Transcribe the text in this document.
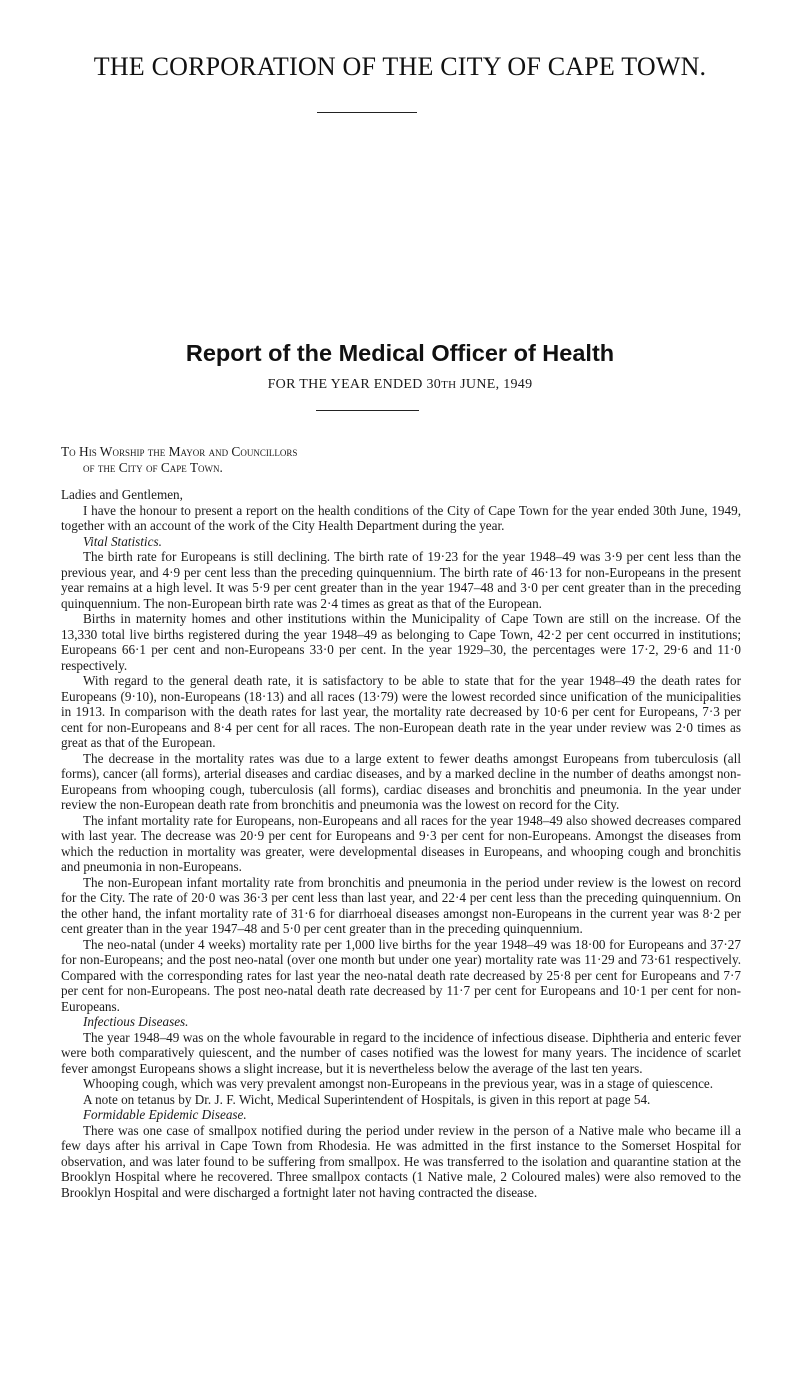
THE CORPORATION OF THE CITY OF CAPE TOWN.
Report of the Medical Officer of Health
FOR THE YEAR ENDED 30TH JUNE, 1949

To His Worship the Mayor and Councillors

of the City of Cape Town.

Ladies and Gentlemen,

I have the honour to present a report on the health conditions of the City of Cape Town for the year ended 30th June, 1949, together with an account of the work of the City Health Department during the year.

Vital Statistics.

The birth rate for Europeans is still declining. The birth rate of 19·23 for the year 1948–49 was 3·9 per cent less than the previous year, and 4·9 per cent less than the preceding quinquennium. The birth rate of 46·13 for non-Europeans in the present year remains at a high level. It was 5·9 per cent greater than in the year 1947–48 and 3·0 per cent greater than in the preceding quinquennium. The non-European birth rate was 2·4 times as great as that of the European.

Births in maternity homes and other institutions within the Municipality of Cape Town are still on the increase. Of the 13,330 total live births registered during the year 1948–49 as belonging to Cape Town, 42·2 per cent occurred in institutions; Europeans 66·1 per cent and non-Europeans 33·0 per cent. In the year 1929–30, the percentages were 17·2, 29·6 and 11·0 respectively.

With regard to the general death rate, it is satisfactory to be able to state that for the year 1948–49 the death rates for Europeans (9·10), non-Europeans (18·13) and all races (13·79) were the lowest recorded since unification of the municipalities in 1913. In comparison with the death rates for last year, the mortality rate decreased by 10·6 per cent for Europeans, 7·3 per cent for non-Europeans and 8·4 per cent for all races. The non-European death rate in the year under review was 2·0 times as great as that of the European.

The decrease in the mortality rates was due to a large extent to fewer deaths amongst Europeans from tuberculosis (all forms), cancer (all forms), arterial diseases and cardiac diseases, and by a marked decline in the number of deaths amongst non-Europeans from whooping cough, tuberculosis (all forms), cardiac diseases and bronchitis and pneumonia. In the year under review the non-European death rate from bronchitis and pneumonia was the lowest on record for the City.

The infant mortality rate for Europeans, non-Europeans and all races for the year 1948–49 also showed decreases compared with last year. The decrease was 20·9 per cent for Europeans and 9·3 per cent for non-Europeans. Amongst the diseases from which the reduction in mortality was greater, were developmental diseases in Europeans, and whooping cough and bronchitis and pneumonia in non-Europeans.

The non-European infant mortality rate from bronchitis and pneumonia in the period under review is the lowest on record for the City. The rate of 20·0 was 36·3 per cent less than last year, and 22·4 per cent less than the preceding quinquennium. On the other hand, the infant mortality rate of 31·6 for diarrhoeal diseases amongst non-Europeans in the current year was 8·2 per cent greater than in the year 1947–48 and 5·0 per cent greater than in the preceding quinquennium.

The neo-natal (under 4 weeks) mortality rate per 1,000 live births for the year 1948–49 was 18·00 for Europeans and 37·27 for non-Europeans; and the post neo-natal (over one month but under one year) mortality rate was 11·29 and 73·61 respectively. Compared with the corresponding rates for last year the neo-natal death rate decreased by 25·8 per cent for Europeans and 7·7 per cent for non-Europeans. The post neo-natal death rate decreased by 11·7 per cent for Europeans and 10·1 per cent for non-Europeans.

Infectious Diseases.

The year 1948–49 was on the whole favourable in regard to the incidence of infectious disease. Diphtheria and enteric fever were both comparatively quiescent, and the number of cases notified was the lowest for many years. The incidence of scarlet fever amongst Europeans shows a slight increase, but it is nevertheless below the average of the last ten years.

Whooping cough, which was very prevalent amongst non-Europeans in the previous year, was in a stage of quiescence.

A note on tetanus by Dr. J. F. Wicht, Medical Superintendent of Hospitals, is given in this report at page 54.

Formidable Epidemic Disease.

There was one case of smallpox notified during the period under review in the person of a Native male who became ill a few days after his arrival in Cape Town from Rhodesia. He was admitted in the first instance to the Somerset Hospital for observation, and was later found to be suffering from smallpox. He was transferred to the isolation and quarantine station at the Brooklyn Hospital where he recovered. Three smallpox contacts (1 Native male, 2 Coloured males) were also removed to the Brooklyn Hospital and were discharged a fortnight later not having contracted the disease.
